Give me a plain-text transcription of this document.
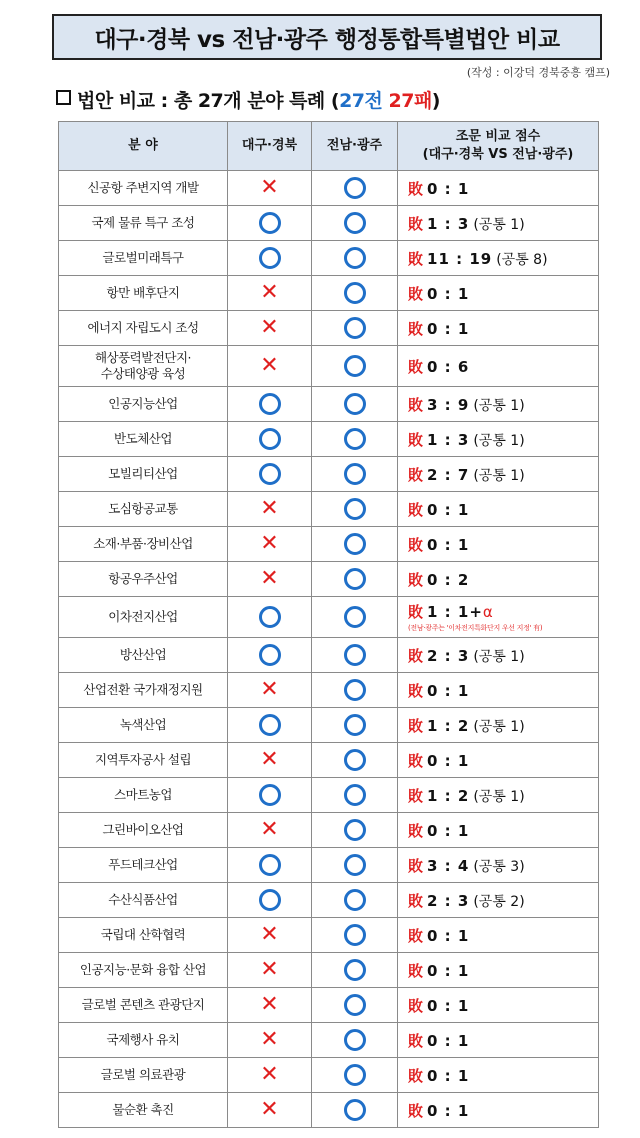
대구·경북 vs 전남·광주 행정통합특별법안 비교
(작성 : 이강덕 경북중흥 캠프)
법안 비교 : 총 27개 분야 특례 (27전 27패)
분 야	대구·경북	전남·광주	조문 비교 점수
(대구·경북 VS 전남·광주)
신공항 주변지역 개발	✕		敗 0 : 1
국제 물류 특구 조성			敗 1 : 3 (공통 1)
글로벌미래특구			敗 11 : 19 (공통 8)
항만 배후단지	✕		敗 0 : 1
에너지 자립도시 조성	✕		敗 0 : 1
해상풍력발전단지·
수상태양광 육성	✕		敗 0 : 6
인공지능산업			敗 3 : 9 (공통 1)
반도체산업			敗 1 : 3 (공통 1)
모빌리티산업			敗 2 : 7 (공통 1)
도심항공교통	✕		敗 0 : 1
소재·부품·장비산업	✕		敗 0 : 1
항공우주산업	✕		敗 0 : 2
이차전지산업			敗 1 : 1+α
(전남·광주는 '이차전지특화단지 우선 지정' 有)

방산산업			敗 2 : 3 (공통 1)
산업전환 국가재정지원	✕		敗 0 : 1
녹색산업			敗 1 : 2 (공통 1)
지역투자공사 설립	✕		敗 0 : 1
스마트농업			敗 1 : 2 (공통 1)
그린바이오산업	✕		敗 0 : 1
푸드테크산업			敗 3 : 4 (공통 3)
수산식품산업			敗 2 : 3 (공통 2)
국립대 산학협력	✕		敗 0 : 1
인공지능·문화 융합 산업	✕		敗 0 : 1
글로벌 콘텐츠 관광단지	✕		敗 0 : 1
국제행사 유치	✕		敗 0 : 1
글로벌 의료관광	✕		敗 0 : 1
물순환 촉진	✕		敗 0 : 1
